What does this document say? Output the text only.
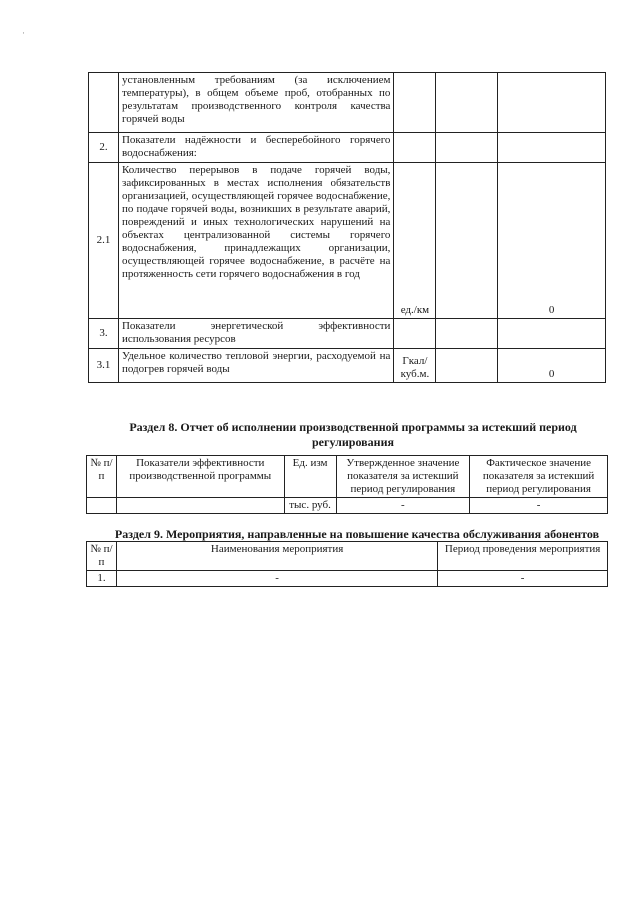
·
	установленным требованиям (за исключением температуры), в общем объеме проб, отобранных по результатам производственного контроля качества горячей воды			
2.	Показатели надёжности и бесперебойного горячего водоснабжения:			
2.1	Количество перерывов в подаче горячей воды, зафиксированных в местах исполнения обязательств организацией, осуществляющей горячее водоснабжение, по подаче горячей воды, возникших в результате аварий, повреждений и иных технологических нарушений на объектах централизованной системы горячего водоснабжения, принадлежащих организации, осуществляющей горячее водоснабжение, в расчёте на протяженность сети горячего водоснабжения в год	ед./км		0
3.	Показатели энергетической эффективности использования ресурсов			
3.1	Удельное количество тепловой энергии, расходуемой на подогрев горячей воды	Гкал/ куб.м.		0
Раздел 8. Отчет об исполнении производственной программы за истекший период регулирования
№ п/п	Показатели эффективности производственной программы	Ед. изм	Утвержденное значение показателя за истекший период регулирования	Фактическое значение показателя за истекший период регулирования
		тыс. руб.	-	-
Раздел 9. Мероприятия, направленные на повышение качества обслуживания абонентов
№ п/п	Наименования мероприятия	Период проведения мероприятия
1.	-	-
